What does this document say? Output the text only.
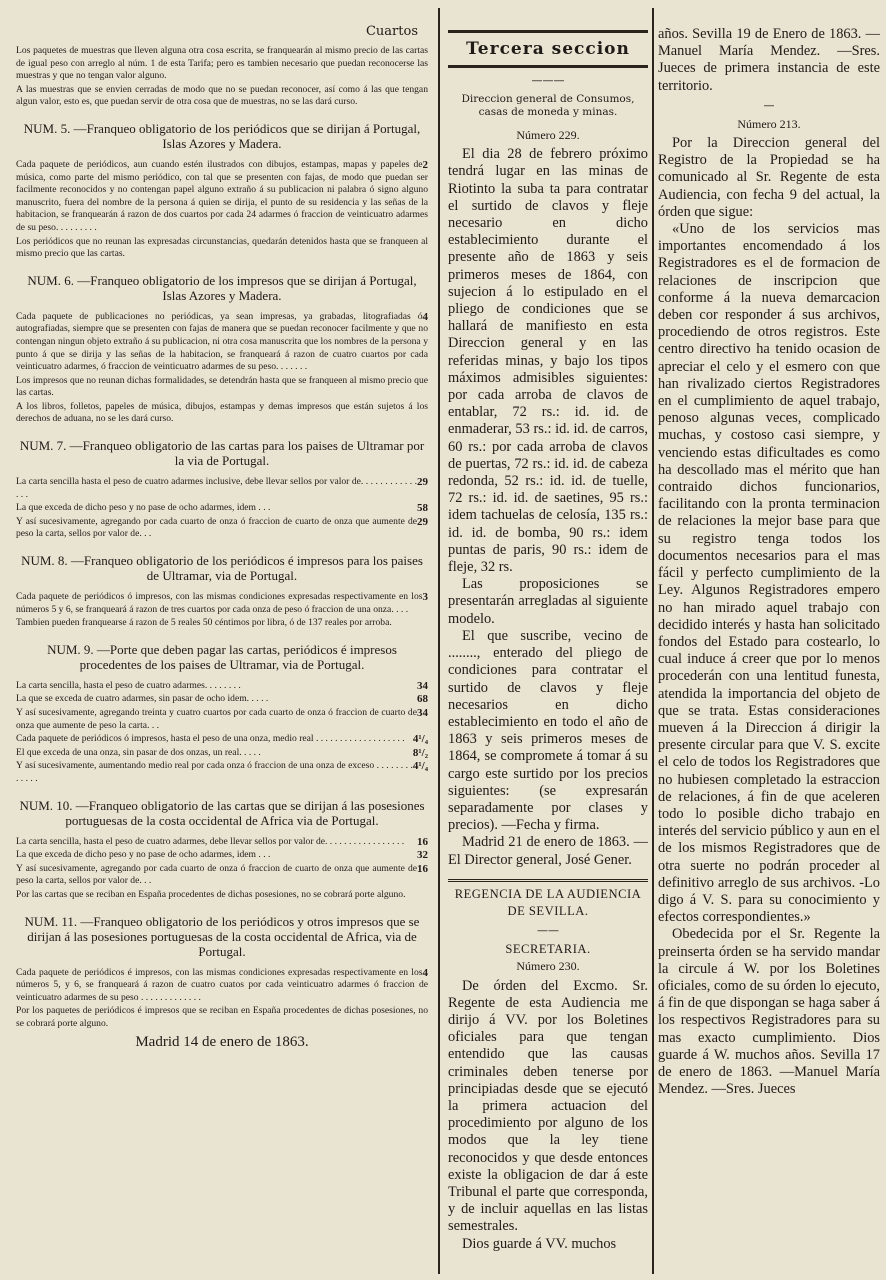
Cuartos

Los paquetes de muestras que lleven alguna otra cosa escrita, se franquearán al mismo precio de las cartas de igual peso con arreglo al núm. 1 de esta Tarifa; pero es tambien necesario que puedan reconocerse las muestras y que no tengan valor alguno.

A las muestras que se envien cerradas de modo que no se puedan reconocer, así como á las que tengan algun valor, esto es, que puedan servir de otra cosa que de muestras, no se las dará curso.

NUM. 5. —Franqueo obligatorio de los periódicos que se dirijan á Portugal, Islas Azores y Madera.

2
Cada paquete de periódicos, aun cuando estén ilustrados con dibujos, estampas, mapas y papeles de música, como parte del mismo periódico, con tal que se presenten con fajas, de modo que puedan ser facilmente reconocidos y no contengan papel alguno extraño á su publicacion ni palabra ó signo alguno manuscrito, fuera del nombre de la persona á quien se dirija, el punto de su residencia y las señas de la habitacion, se franquearán á razon de dos cuartos por cada 24 adarmes ó fraccion de veinticuatro adarmes de su peso. . . . . . . . .

Los periódicos que no reunan las expresadas circunstancias, quedarán detenidos hasta que se franqueen al mismo precio que las cartas.

NUM. 6. —Franqueo obligatorio de los impresos que se dirijan á Portugal, Islas Azores y Madera.

4
Cada paquete de publicaciones no periódicas, ya sean impresas, ya grabadas, litografiadas ó autografiadas, siempre que se presenten con fajas de manera que se puedan reconocer facilmente y que no contengan ningun objeto extraño á su publicacion, ni otra cosa manuscrita que los nombres de la persona y punto á que se dirija y las señas de la habitacion, se franqueará á razon de cuatro cuartos por cada veinticuatro adarmes, ó fraccion de veinticuatro adarmes de su peso. . . . . . .

Los impresos que no reunan dichas formalidades, se detendrán hasta que se franqueen al mismo precio que las cartas.

A los libros, folletos, papeles de música, dibujos, estampas y demas impresos que están sujetos á los derechos de aduana, no se les dará curso.

NUM. 7. —Franqueo obligatorio de las cartas para los paises de Ultramar por la via de Portugal.

29
La carta sencilla hasta el peso de cuatro adarmes inclusive, debe llevar sellos por valor de. . . . . . . . . . . . . . .

58
La que exceda de dicho peso y no pase de ocho adarmes, idem . . .

29
Y así sucesivamente, agregando por cada cuarto de onza ó fraccion de cuarto de onza que aumente de peso la carta, sellos por valor de. . .

NUM. 8. —Franqueo obligatorio de los periódicos é impresos para los paises de Ultramar, via de Portugal.

3
Cada paquete de periódicos ó impresos, con las mismas condiciones expresadas respectivamente en los números 5 y 6, se franqueará á razon de tres cuartos por cada onza de peso ó fraccion de una onza. . . .

Tambien pueden franquearse á razon de 5 reales 50 céntimos por libra, ó de 137 reales por arroba.

NUM. 9. —Porte que deben pagar las cartas, periódicos é impresos procedentes de los paises de Ultramar, via de Portugal.

34
La carta sencilla, hasta el peso de cuatro adarmes. . . . . . . .

68
La que se exceda de cuatro adarmes, sin pasar de ocho idem. . . . .

34
Y así sucesivamente, agregando treinta y cuatro cuartos por cada cuarto de onza ó fraccion de cuarto de onza que aumente de peso la carta. . .

4¹/₄
Cada paquete de periódicos ó impresos, hasta el peso de una onza, medio real . . . . . . . . . . . . . . . . . . .

8¹/₂
El que exceda de una onza, sin pasar de dos onzas, un real. . . . .

4¹/₄
Y así sucesivamente, aumentando medio real por cada onza ó fraccion de una onza de exceso . . . . . . . . . . . . .

NUM. 10. —Franqueo obligatorio de las cartas que se dirijan á las posesiones portuguesas de la costa occidental de Africa via de Portugal.

16
La carta sencilla, hasta el peso de cuatro adarmes, debe llevar sellos por valor de. . . . . . . . . . . . . . . . .

32
La que exceda de dicho peso y no pase de ocho adarmes, idem . . .

16
Y así sucesivamente, agregando por cada cuarto de onza ó fraccion de cuarto de onza que aumente de peso la carta, sellos por valor de. . .

Por las cartas que se reciban en España procedentes de dichas posesiones, no se cobrará porte alguno.

NUM. 11. —Franqueo obligatorio de los periódicos y otros impresos que se dirijan á las posesiones portuguesas de la costa occidental de Africa, via de Portugal.

4
Cada paquete de periódicos é impresos, con las mismas condiciones expresadas respectivamente en los números 5, y 6, se franqueará á razon de cuatro cuatos por cada veinticuatro adarmes ó fraccion de veinticuatro adarmes de su peso . . . . . . . . . . . . .

Por los paquetes de periódicos é impresos que se reciban en España procedentes de dichas posesiones, no se cobrará porte alguno.

Madrid 14 de enero de 1863.
Tercera seccion
———
Direccion general de Consumos, casas de moneda y minas.

Número 229.

El dia 28 de febrero próximo tendrá lugar en las minas de Riotinto la suba ta para contratar el surtido de clavos y fleje necesario en dicho establecimiento durante el presente año de 1863 y seis primeros meses de 1864, con sujecion á lo estipulado en el pliego de condiciones que se hallará de manifiesto en esta Direccion general y en las referidas minas, y bajo los tipos máximos admisibles siguientes: por cada arroba de clavos de entablar, 72 rs.: id. id. de enmaderar, 53 rs.: id. id. de carros, 60 rs.: por cada arroba de clavos de puertas, 72 rs.: id. id. de cabeza redonda, 52 rs.: id. id. de tuelle, 72 rs.: id. id. de saetines, 95 rs.: idem tachuelas de celosía, 135 rs.: id. id. de bomba, 90 rs.: idem puntas de paris, 90 rs.: idem de fleje, 32 rs.

Las proposiciones se presentarán arregladas al siguiente modelo.

El que suscribe, vecino de ........, enterado del pliego de condiciones para contratar el surtido de clavos y fleje necesarios en dicho establecimiento en todo el año de 1863 y seis primeros meses de 1864, se compromete á tomar á su cargo este surtido por los precios siguientes: (se expresarán separadamente por clases y precios). —Fecha y firma.

Madrid 21 de enero de 1863. —El Director general, José Gener.

REGENCIA DE LA AUDIENCIA DE SEVILLA.

——

SECRETARIA.

Número 230.

De órden del Excmo. Sr. Regente de esta Audiencia me dirijo á VV. por los Boletines oficiales para que tengan entendido que las causas criminales deben tenerse por principiadas desde que se ejecutó la primera actuacion del procedimiento por alguno de los modos que la ley tiene reconocidos y que desde entonces existe la obligacion de dar á este Tribunal el parte que corresponda, y de incluir aquellas en las listas semestrales.

Dios guarde á VV. muchos

años. Sevilla 19 de Enero de 1863. —Manuel María Mendez. —Sres. Jueces de primera instancia de este territorio.

—

Número 213.

Por la Direccion general del Registro de la Propiedad se ha comunicado al Sr. Regente de esta Audiencia, con fecha 9 del actual, la órden que sigue:

«Uno de los servicios mas importantes encomendado á los Registradores es el de formacion de relaciones de inscripcion que conforme á la nueva demarcacion deben cor responder á sus archivos, procediendo de otros registros. Este centro directivo ha tenido ocasion de apreciar el celo y el esmero con que han rivalizado ciertos Registradores en el cumplimiento de aquel trabajo, penoso algunas veces, complicado muchas, y costoso casi siempre, y venciendo estas dificultades es como ha descollado mas el mérito que han contraido dichos funcionarios, facilitando con la pronta terminacion de relaciones la mejor base para que su registro tenga todos los documentos necesarios para el mas fácil y perfecto cumplimiento de la Ley. Algunos Registradores empero no han mirado aquel trabajo con decidido interés y hasta han solicitado fondos del Estado para costearlo, lo cual induce á creer que por lo menos procederán con una lentitud funesta, atendida la importancia del objeto de que se trata. Estas consideraciones mueven á la Direccion á dirigir la presente circular para que V. S. excite el celo de todos los Registradores que no hubiesen completado la estraccion de relaciones, á fin de que aceleren todo lo posible dicho trabajo en interés del servicio público y aun en el de los mismos Registradores que de otra suerte no podrán proceder al definitivo arreglo de sus archivos. -Lo digo á V. S. para su conocimiento y efectos correspondientes.»

Obedecida por el Sr. Regente la preinserta órden se ha servido mandar la circule á W. por los Boletines oficiales, como de su órden lo ejecuto, á fin de que dispongan se haga saber á los respectivos Registradores para su mas exacto cumplimiento. Dios guarde á W. muchos años. Sevilla 17 de enero de 1863. —Manuel María Mendez. —Sres. Jueces
